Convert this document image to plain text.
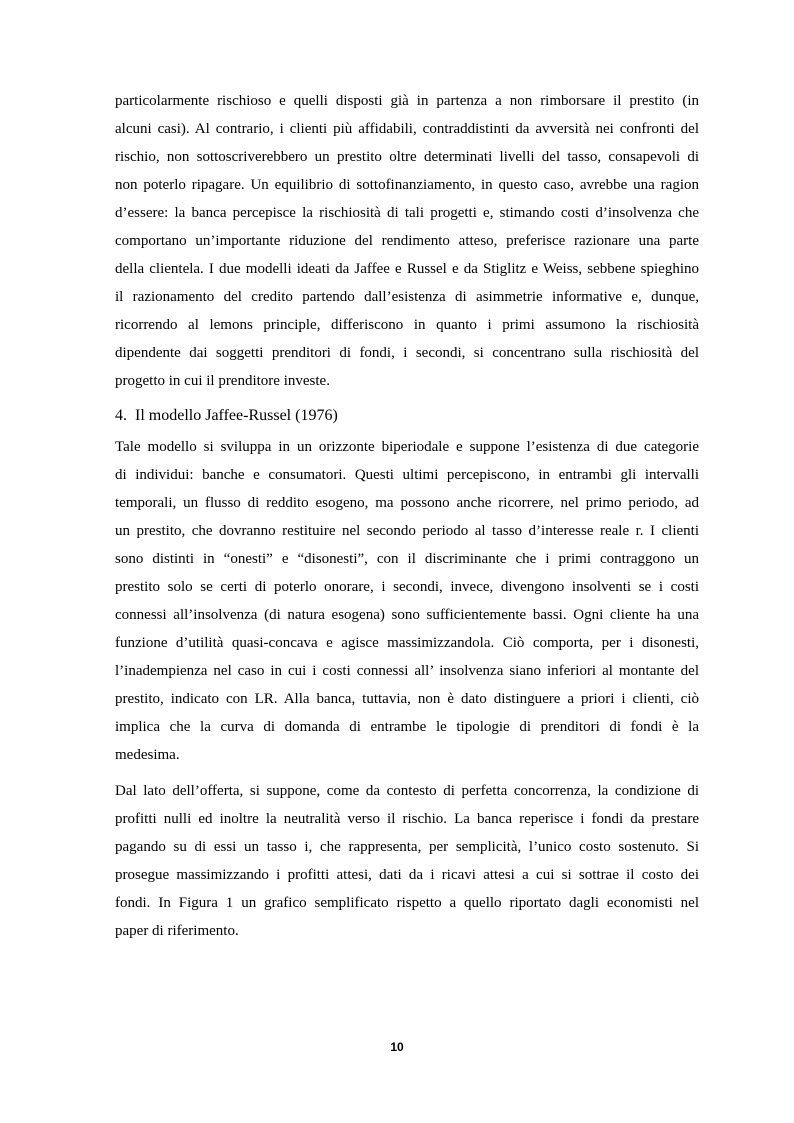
particolarmente rischioso e quelli disposti già in partenza a non rimborsare il prestito (in
alcuni casi). Al contrario, i clienti più affidabili, contraddistinti da avversità nei confronti del
rischio, non sottoscriverebbero un prestito oltre determinati livelli del tasso, consapevoli di
non poterlo ripagare. Un equilibrio di sottofinanziamento, in questo caso, avrebbe una ragion
d’essere: la banca percepisce la rischiosità di tali progetti e, stimando costi d’insolvenza che
comportano un’importante riduzione del rendimento atteso, preferisce razionare una parte
della clientela. I due modelli ideati da Jaffee e Russel e da Stiglitz e Weiss, sebbene spieghino
il razionamento del credito partendo dall’esistenza di asimmetrie informative e, dunque,
ricorrendo al lemons principle, differiscono in quanto i primi assumono la rischiosità
dipendente dai soggetti prenditori di fondi, i secondi, si concentrano sulla rischiosità del
progetto in cui il prenditore investe.
4. Il modello Jaffee-Russel (1976)
Tale modello si sviluppa in un orizzonte biperiodale e suppone l’esistenza di due categorie
di individui: banche e consumatori. Questi ultimi percepiscono, in entrambi gli intervalli
temporali, un flusso di reddito esogeno, ma possono anche ricorrere, nel primo periodo, ad
un prestito, che dovranno restituire nel secondo periodo al tasso d’interesse reale r. I clienti
sono distinti in “onesti” e “disonesti”, con il discriminante che i primi contraggono un
prestito solo se certi di poterlo onorare, i secondi, invece, divengono insolventi se i costi
connessi all’insolvenza (di natura esogena) sono sufficientemente bassi. Ogni cliente ha una
funzione d’utilità quasi-concava e agisce massimizzandola. Ciò comporta, per i disonesti,
l’inadempienza nel caso in cui i costi connessi all’ insolvenza siano inferiori al montante del
prestito, indicato con LR. Alla banca, tuttavia, non è dato distinguere a priori i clienti, ciò
implica che la curva di domanda di entrambe le tipologie di prenditori di fondi è la
medesima.
Dal lato dell’offerta, si suppone, come da contesto di perfetta concorrenza, la condizione di
profitti nulli ed inoltre la neutralità verso il rischio. La banca reperisce i fondi da prestare
pagando su di essi un tasso i, che rappresenta, per semplicità, l’unico costo sostenuto. Si
prosegue massimizzando i profitti attesi, dati da i ricavi attesi a cui si sottrae il costo dei
fondi. In Figura 1 un grafico semplificato rispetto a quello riportato dagli economisti nel
paper di riferimento.
10
